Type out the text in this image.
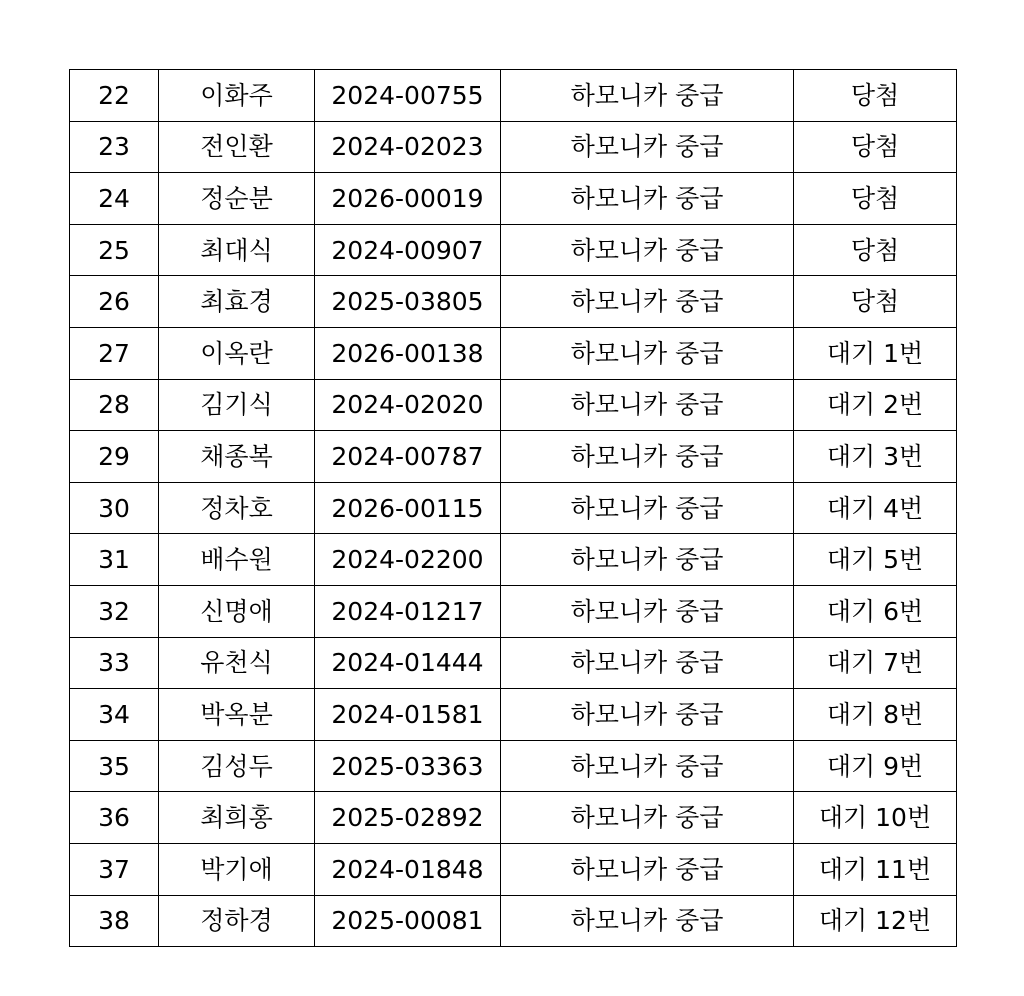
22	이화주	2024-00755	하모니카 중급	당첨
23	전인환	2024-02023	하모니카 중급	당첨
24	정순분	2026-00019	하모니카 중급	당첨
25	최대식	2024-00907	하모니카 중급	당첨
26	최효경	2025-03805	하모니카 중급	당첨
27	이옥란	2026-00138	하모니카 중급	대기 1번
28	김기식	2024-02020	하모니카 중급	대기 2번
29	채종복	2024-00787	하모니카 중급	대기 3번
30	정차호	2026-00115	하모니카 중급	대기 4번
31	배수원	2024-02200	하모니카 중급	대기 5번
32	신명애	2024-01217	하모니카 중급	대기 6번
33	유천식	2024-01444	하모니카 중급	대기 7번
34	박옥분	2024-01581	하모니카 중급	대기 8번
35	김성두	2025-03363	하모니카 중급	대기 9번
36	최희홍	2025-02892	하모니카 중급	대기 10번
37	박기애	2024-01848	하모니카 중급	대기 11번
38	정하경	2025-00081	하모니카 중급	대기 12번
